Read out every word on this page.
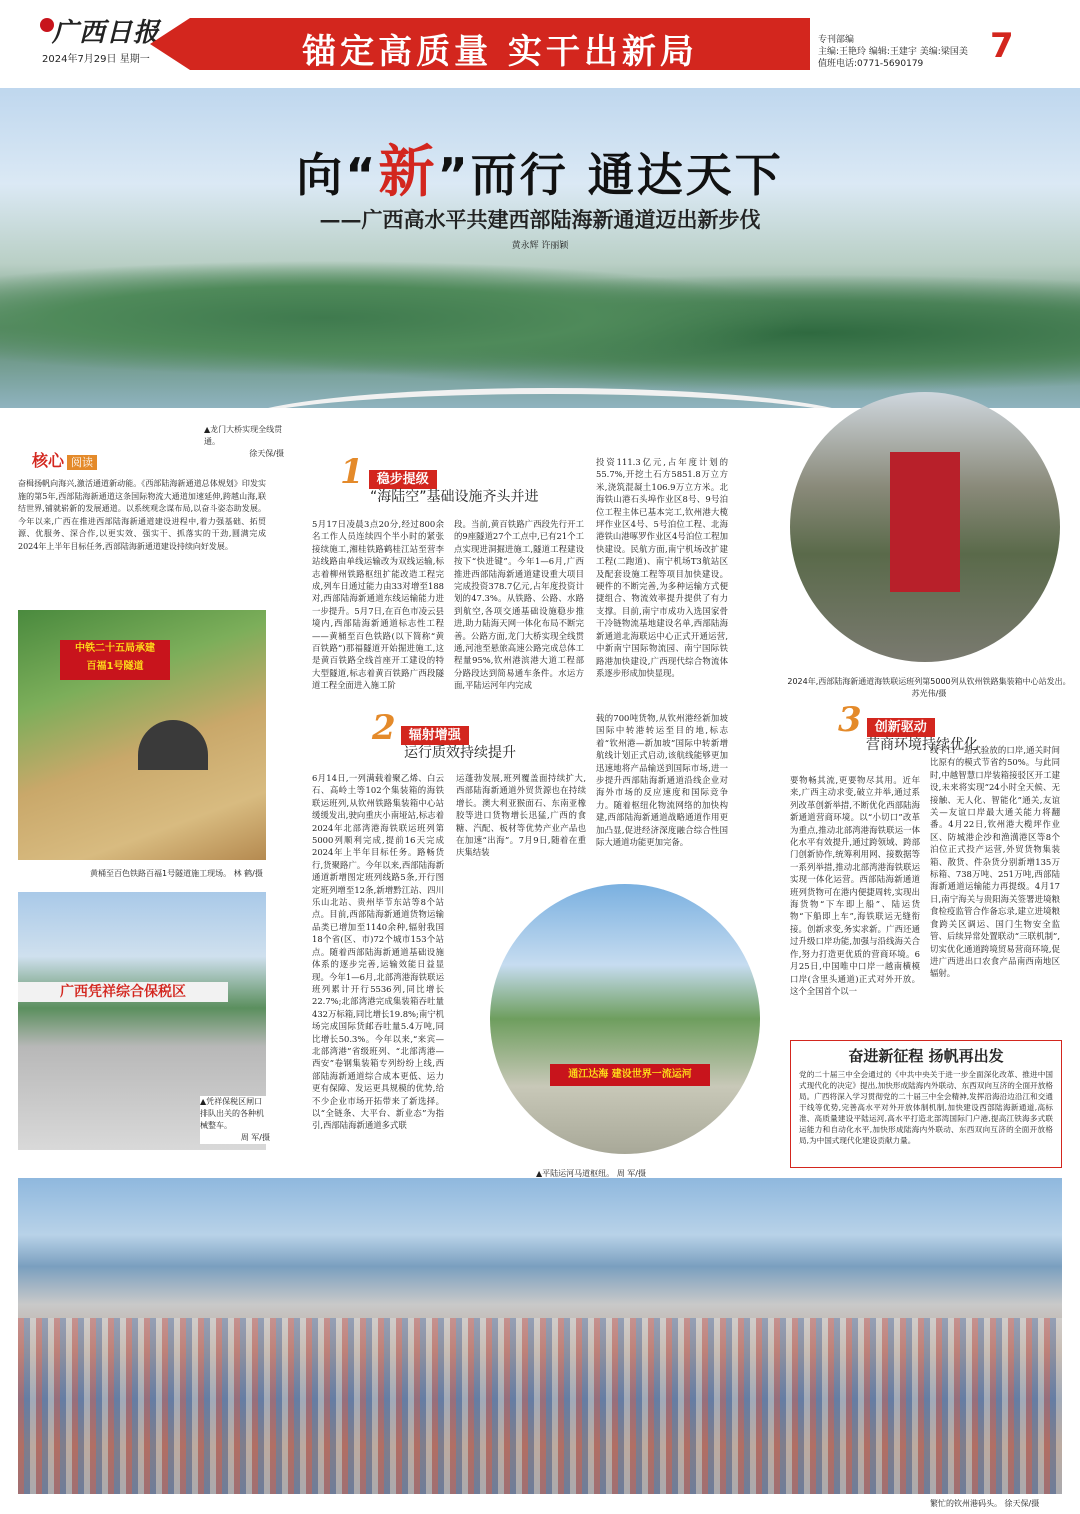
广西日报
2024年7月29日 星期一	锚定高质量 实干出新局	专刊部编
主编:王艳玲 编辑:王建宇 美编:梁国美
值班电话:0771-5690179	7
向“新”而行 通达天下
——广西高水平共建西部陆海新通道迈出新步伐
黄永辉 许丽颖
▲龙门大桥实现全线贯通。

徐天保/摄
核心 阅读
奋楫扬帆向海兴,激活通道新动能。《西部陆海新通道总体规划》印发实施的第5年,西部陆海新通道这条国际物流大通道加速延伸,跨越山海,联结世界,铺就崭新的发展通道。以系统观念谋布局,以奋斗姿态助发展。今年以来,广西在推进西部陆海新通道建设进程中,着力强基础、拓贸源、优服务、深合作,以更实效、强实干、抓落实的干劲,圆满完成2024年上半年目标任务,西部陆海新通道建设持续向好发展。
中铁二十五局承建
百福1号隧道
黄桶至百色铁路百福1号隧道施工现场。 林 鹤/摄
广西凭祥综合保税区
▲凭祥保税区闸口排队出关的各种机械整车。

周 军/摄
1 稳步提级

“海陆空”基础设施齐头并进
5月17日凌晨3点20分,经过800余名工作人员连续四个半小时的紧张接续施工,湘桂铁路鹤桂江站至营李站线路由单线运输改为双线运输,标志着柳州铁路枢纽扩能改造工程完成,列车日通过能力由33对增至188对,西部陆海新通道东线运输能力进一步提升。5月7日,在百色市凌云县境内,西部陆海新通道标志性工程——黄桶至百色铁路(以下简称“黄百铁路”)那福隧道开始掘进施工,这是黄百铁路全线首座开工建设的特大型隧道,标志着黄百铁路广西段隧道工程全面进入施工阶
段。当前,黄百铁路广西段先行开工的9座隧道27个工点中,已有21个工点实现进洞掘进施工,隧道工程建设按下“快进键”。今年1—6月,广西推进西部陆海新通道建设重大项目完成投资378.7亿元,占年度投资计划的47.3%。从铁路、公路、水路到航空,各项交通基础设施稳步推进,助力陆海天网一体化布局不断完善。公路方面,龙门大桥实现全线贯通,河池至悬旅高速公路完成总体工程量95%,钦州港滨港大道工程部分路段达到简易通车条件。水运方面,平陆运河年内完成
投资111.3亿元,占年度计划的55.7%,开挖土石方5851.8万立方米,浇筑混凝土106.9万立方米。北海铁山港石头埠作业区8号、9号泊位工程主体已基本完工,钦州港大榄坪作业区4号、5号泊位工程、北海港铁山港啄罗作业区4号泊位工程加快建设。民航方面,南宁机场改扩建工程(二跑道)、南宁机场T3航站区及配套设施工程等项目加快建设。硬件的不断完善,为多种运输方式便捷组合、物流效率提升提供了有力支撑。目前,南宁市成功入选国家骨干冷链物流基地建设名单,西部陆海新通道北海联运中心正式开通运营,中新南宁国际物流园、南宁国际铁路港加快建设,广西现代综合物流体系逐步形成加快显现。
2024年,西部陆海新通道海铁联运班列第5000列从钦州铁路集装箱中心站发出。 苏光伟/摄
3 创新驱动

营商环境持续优化
要物畅其流,更要物尽其用。近年来,广西主动求变,破立并举,通过系列改革创新举措,不断优化西部陆海新通道营商环境。以“小切口”改革为重点,推动北部湾港海铁联运一体化水平有效提升,通过跨领域、跨部门创新协作,统筹利用网、接数据等一系列举措,推动北部湾港海铁联运实现一体化运营。西部陆海新通道班列货物可在港内便捷周转,实现出海货物“下车即上船”、陆运货物“下船即上车”,海铁联运无缝衔接。创新求变,务实求新。广西还通过升级口岸功能,加强与沿线海关合作,努力打造更优质的营商环境。6月25日,中国唯中口岸一越南横模口岸(含里头通道)正式对外开放。这个全国首个以一
线卡口一站式验放的口岸,通关时间比原有的模式节省约50%。与此同时,中越智慧口岸装箱接驳区开工建设,未来将实现“24小时全天候、无接触、无人化、智能化”通关,友谊关—友谊口岸最大通关能力将翻番。4月22日,钦州港大榄坪作业区、防城港企沙和渔澫港区等8个泊位正式投产运营,外贸货物集装箱、散货、件杂货分别新增135万标箱、738万吨、251万吨,西部陆海新通道运输能力再提级。4月17日,南宁海关与贵阳海关签署进境粮食检疫监管合作备忘录,建立进境粮食跨关区调运、国门生物安全监管、后续异常处置联动“三联机制”,切实优化通道跨境贸易营商环境,促进广西进出口农食产品南西南地区辐射。
2 辐射增强

运行质效持续提升
6月14日,一列满载着聚乙烯、白云石、高岭土等102个集装箱的海铁联运班列,从钦州铁路集装箱中心站缓缓发出,驶向重庆小南垭站,标志着2024年北部湾港海铁联运班列第5000列顺利完成,提前16天完成2024年上半年目标任务。路畅货行,货聚路广。今年以来,西部陆海新通道新增图定班列线路5条,开行图定班列增至12条,新增黔江站、四川乐山北站、贵州毕节东站等8个站点。目前,西部陆海新通道货物运输品类已增加至1140余种,辐射我国18个省(区、市)72个城市153个站点。随着西部陆海新通道基础设施体系的逐步完善,运输效能日益显现。今年1—6月,北部湾港海铁联运班列累计开行5536列,同比增长22.7%;北部湾港完成集装箱吞吐量432万标箱,同比增长19.8%;南宁机场完成国际货邮吞吐量5.4万吨,同比增长50.3%。今年以来,“来宾—北部湾港”省级班列、“北部湾港—西安”卷钢集装箱专列纷纷上线,西部陆海新通道综合成本更低、运力更有保障、发运更具规模的优势,给不少企业市场开拓带来了新选择。以“全链条、大平台、新业态”为指引,西部陆海新通道多式联
运蓬勃发展,班列覆盖面持续扩大,西部陆海新通道外贸货源也在持续增长。澳大利亚猴面石、东南亚橡胶等进口货物增长迅猛,广西的食糖、汽配、板材等优势产业产品也在加速“出海”。7月9日,随着在重庆集结装
载的700吨货物,从钦州港经新加坡国际中转港转运至目的地,标志着“钦州港—新加坡”国际中转新增航线计划正式启动,该航线能够更加迅速地将产品输送到国际市场,进一步提升西部陆海新通道沿线企业对海外市场的反应速度和国际竞争力。随着枢纽化物流网络的加快构建,西部陆海新通道战略通道作用更加凸显,促进经济深度融合综合性国际大通道功能更加完备。
通江达海 建设世界一流运河
▲平陆运河马道枢纽。 周 军/摄
奋进新征程 扬帆再出发
党的二十届三中全会通过的《中共中央关于进一步全面深化改革、推进中国式现代化的决定》提出,加快形成陆海内外联动、东西双向互济的全面开放格局。广西将深入学习贯彻党的二十届三中全会精神,发挥沿海沿边沿江和交通干线等优势,完善高水平对外开放体制机制,加快建设西部陆海新通道,高标准、高质量建设平陆运河,高水平打造北部湾国际门户港,提高江铁海多式联运能力和自动化水平,加快形成陆海内外联动、东西双向互济的全面开放格局,为中国式现代化建设贡献力量。
繁忙的钦州港码头。 徐天保/摄
